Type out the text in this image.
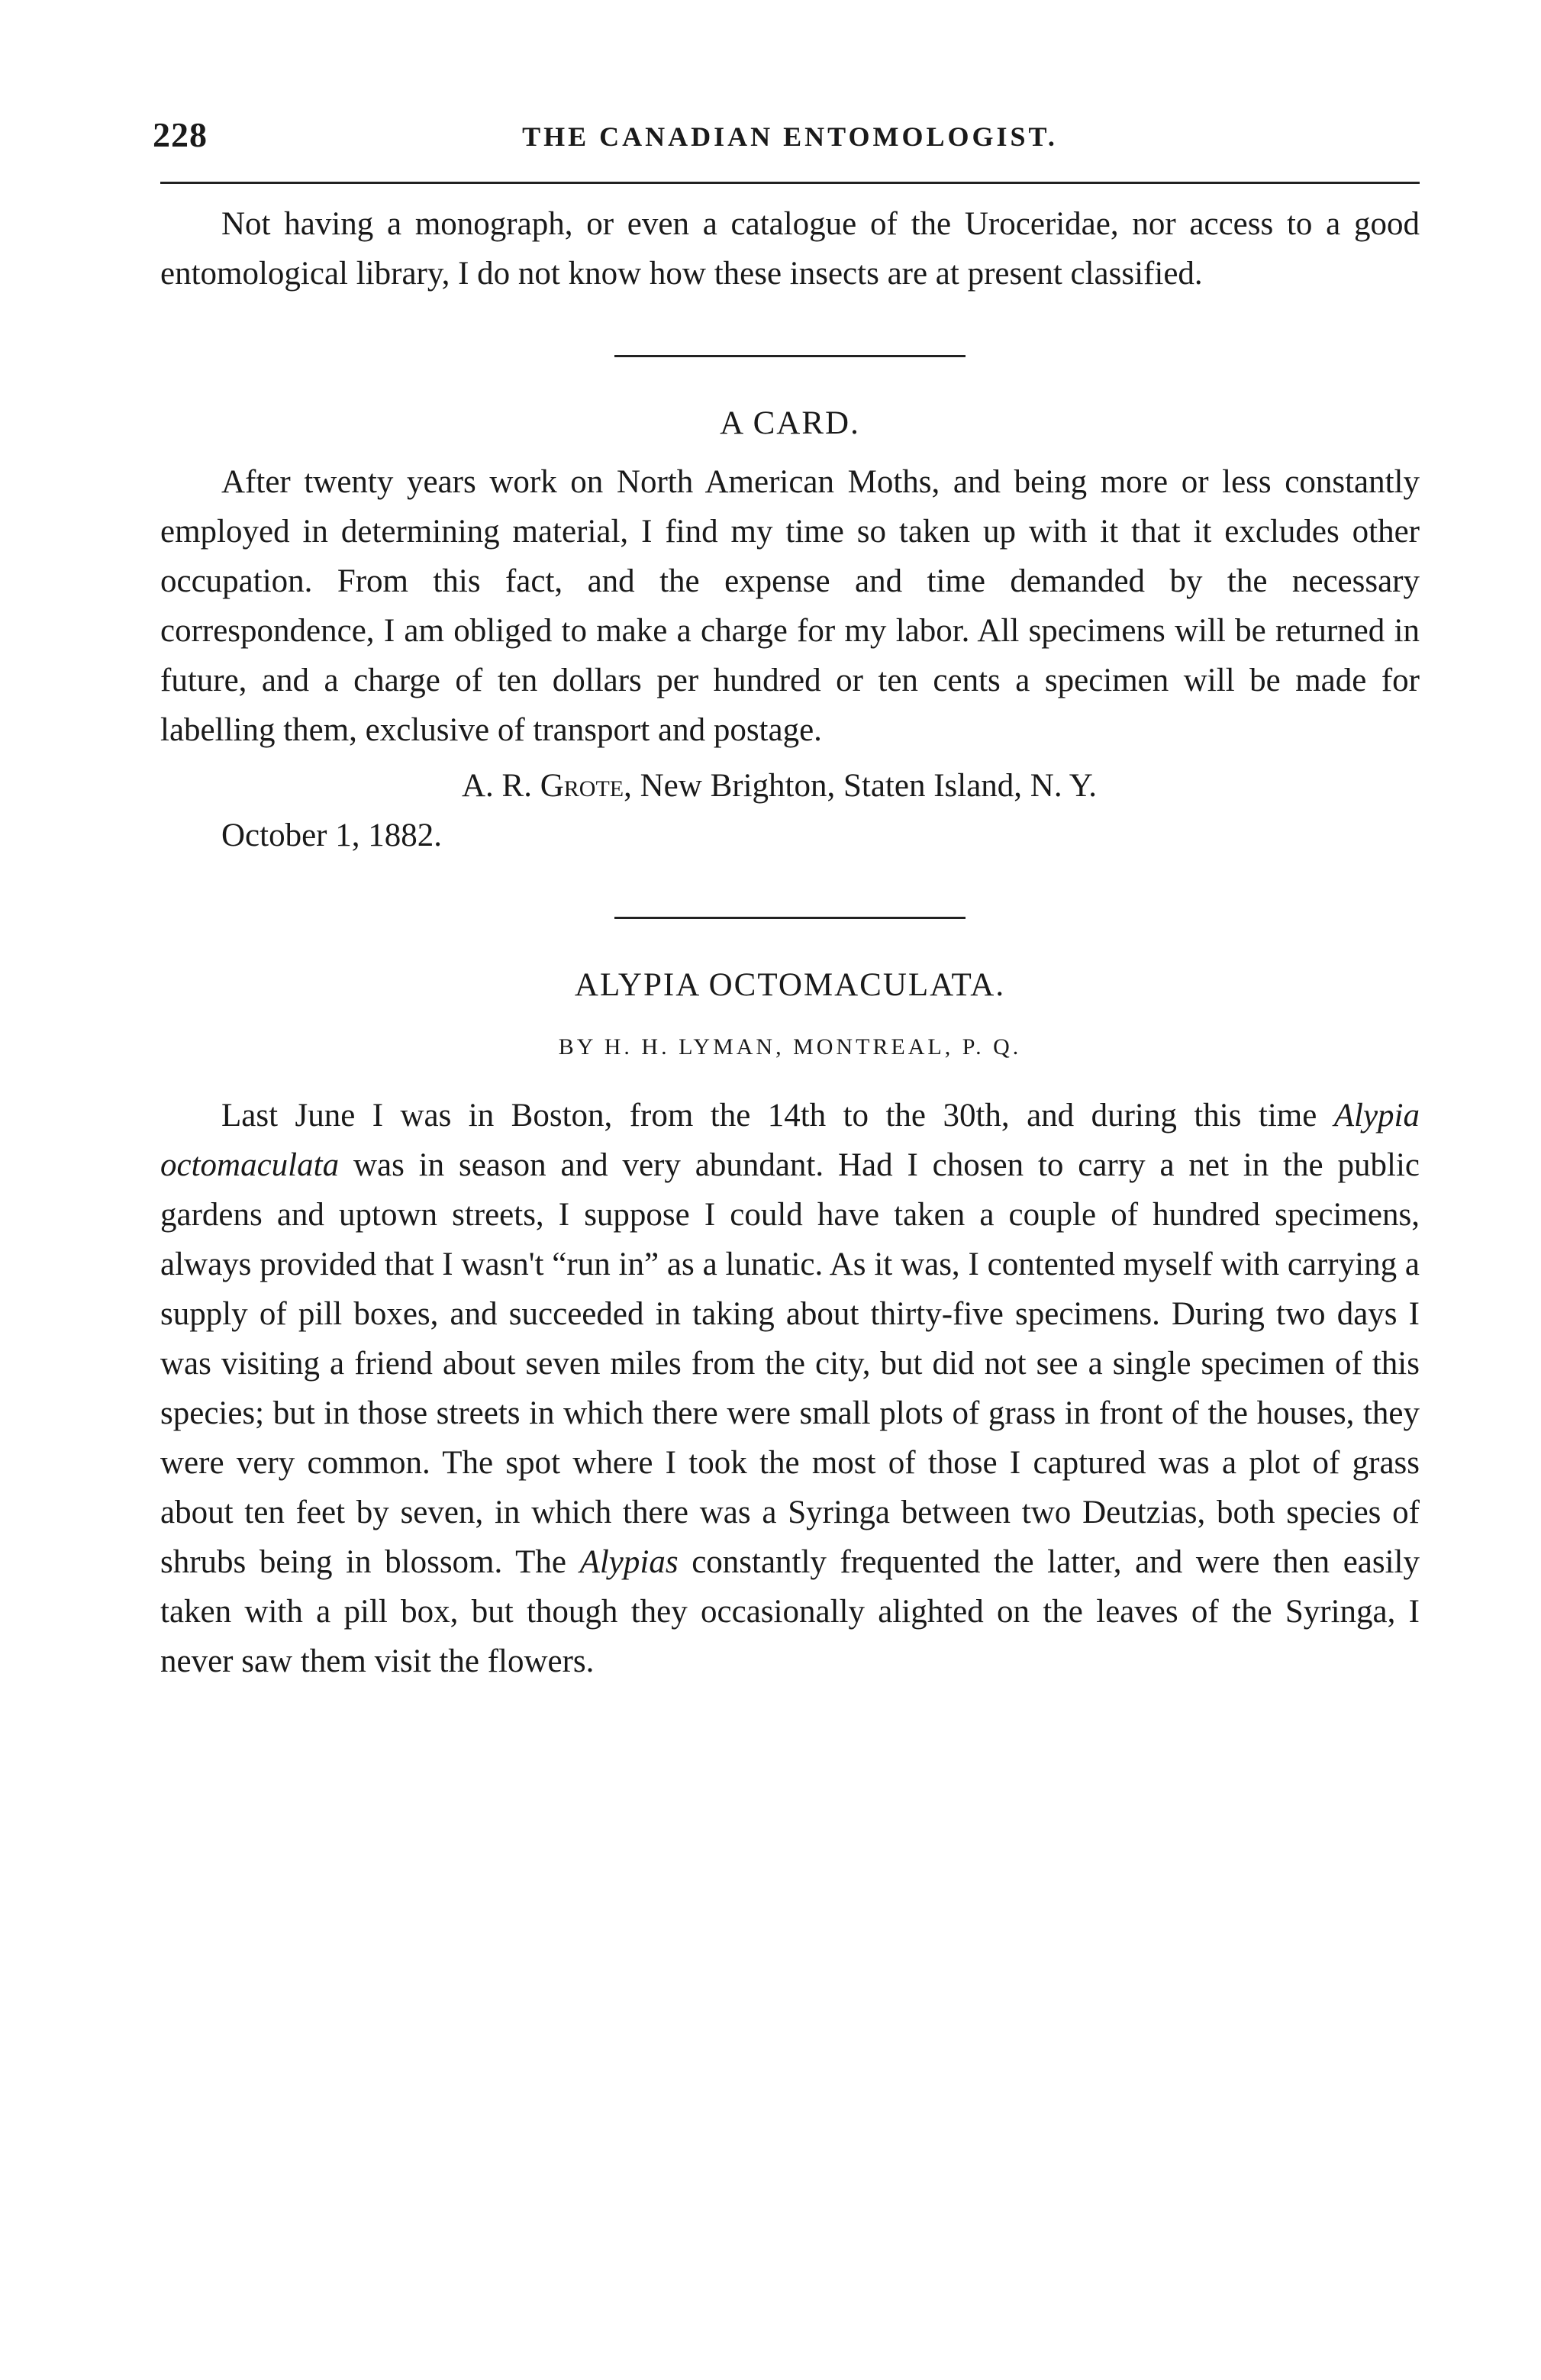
228	THE CANADIAN ENTOMOLOGIST.

Not having a monograph, or even a catalogue of the Uroceridae, nor access to a good entomological library, I do not know how these insects are at present classified.

A CARD.

After twenty years work on North American Moths, and being more or less constantly employed in determining material, I find my time so taken up with it that it excludes other occupation. From this fact, and the expense and time demanded by the necessary correspondence, I am obliged to make a charge for my labor. All specimens will be returned in future, and a charge of ten dollars per hundred or ten cents a specimen will be made for labelling them, exclusive of transport and postage.

A. R. Grote, New Brighton, Staten Island, N. Y.
October 1, 1882.
ALYPIA OCTOMACULATA.
BY H. H. LYMAN, MONTREAL, P. Q.

Last June I was in Boston, from the 14th to the 30th, and during this time Alypia octomaculata was in season and very abundant. Had I chosen to carry a net in the public gardens and uptown streets, I suppose I could have taken a couple of hundred specimens, always provided that I wasn't “run in” as a lunatic. As it was, I contented myself with carrying a supply of pill boxes, and succeeded in taking about thirty-five specimens. During two days I was visiting a friend about seven miles from the city, but did not see a single specimen of this species; but in those streets in which there were small plots of grass in front of the houses, they were very common. The spot where I took the most of those I captured was a plot of grass about ten feet by seven, in which there was a Syringa between two Deutzias, both species of shrubs being in blossom. The Alypias constantly frequented the latter, and were then easily taken with a pill box, but though they occasionally alighted on the leaves of the Syringa, I never saw them visit the flowers.
